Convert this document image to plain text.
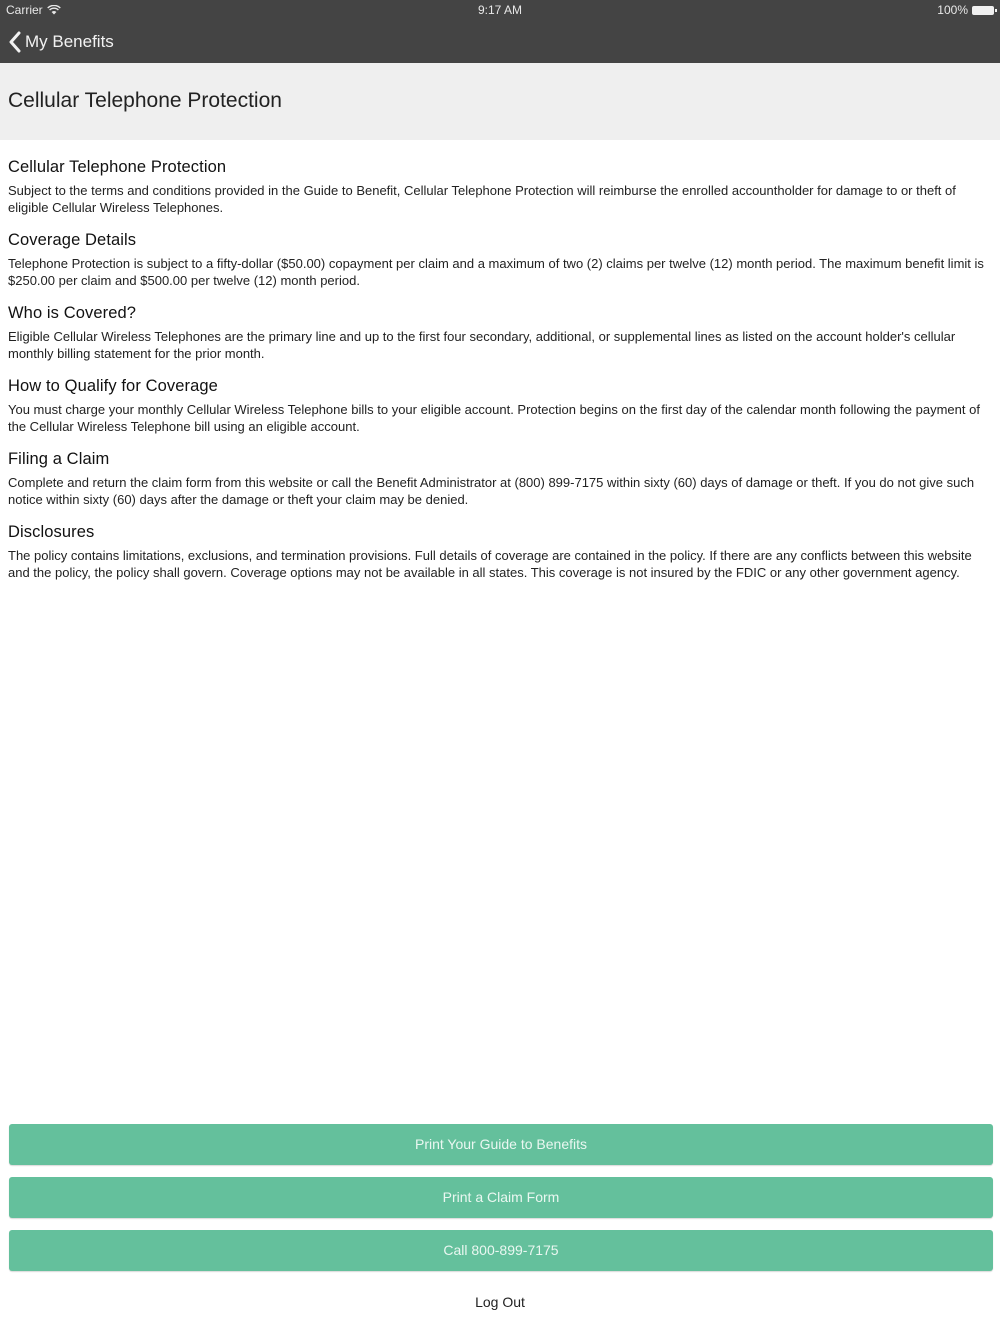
Carrier	9:17 AM	100%
My Benefits
Cellular Telephone Protection
Cellular Telephone Protection

Subject to the terms and conditions provided in the Guide to Benefit, Cellular Telephone Protection will reimburse the enrolled accountholder for damage to or theft of eligible Cellular Wireless Telephones.

Coverage Details

Telephone Protection is subject to a fifty-dollar ($50.00) copayment per claim and a maximum of two (2) claims per twelve (12) month period. The maximum benefit limit is $250.00 per claim and $500.00 per twelve (12) month period.

Who is Covered?

Eligible Cellular Wireless Telephones are the primary line and up to the first four secondary, additional, or supplemental lines as listed on the account holder's cellular monthly billing statement for the prior month.

How to Qualify for Coverage

You must charge your monthly Cellular Wireless Telephone bills to your eligible account. Protection begins on the first day of the calendar month following the payment of the Cellular Wireless Telephone bill using an eligible account.

Filing a Claim

Complete and return the claim form from this website or call the Benefit Administrator at (800) 899-7175 within sixty (60) days of damage or theft. If you do not give such notice within sixty (60) days after the damage or theft your claim may be denied.

Disclosures

The policy contains limitations, exclusions, and termination provisions. Full details of coverage are contained in the policy. If there are any conflicts between this website and the policy, the policy shall govern. Coverage options may not be available in all states. This coverage is not insured by the FDIC or any other government agency.

Print Your Guide to Benefits
Print a Claim Form
Call 800-899-7175
Log Out
